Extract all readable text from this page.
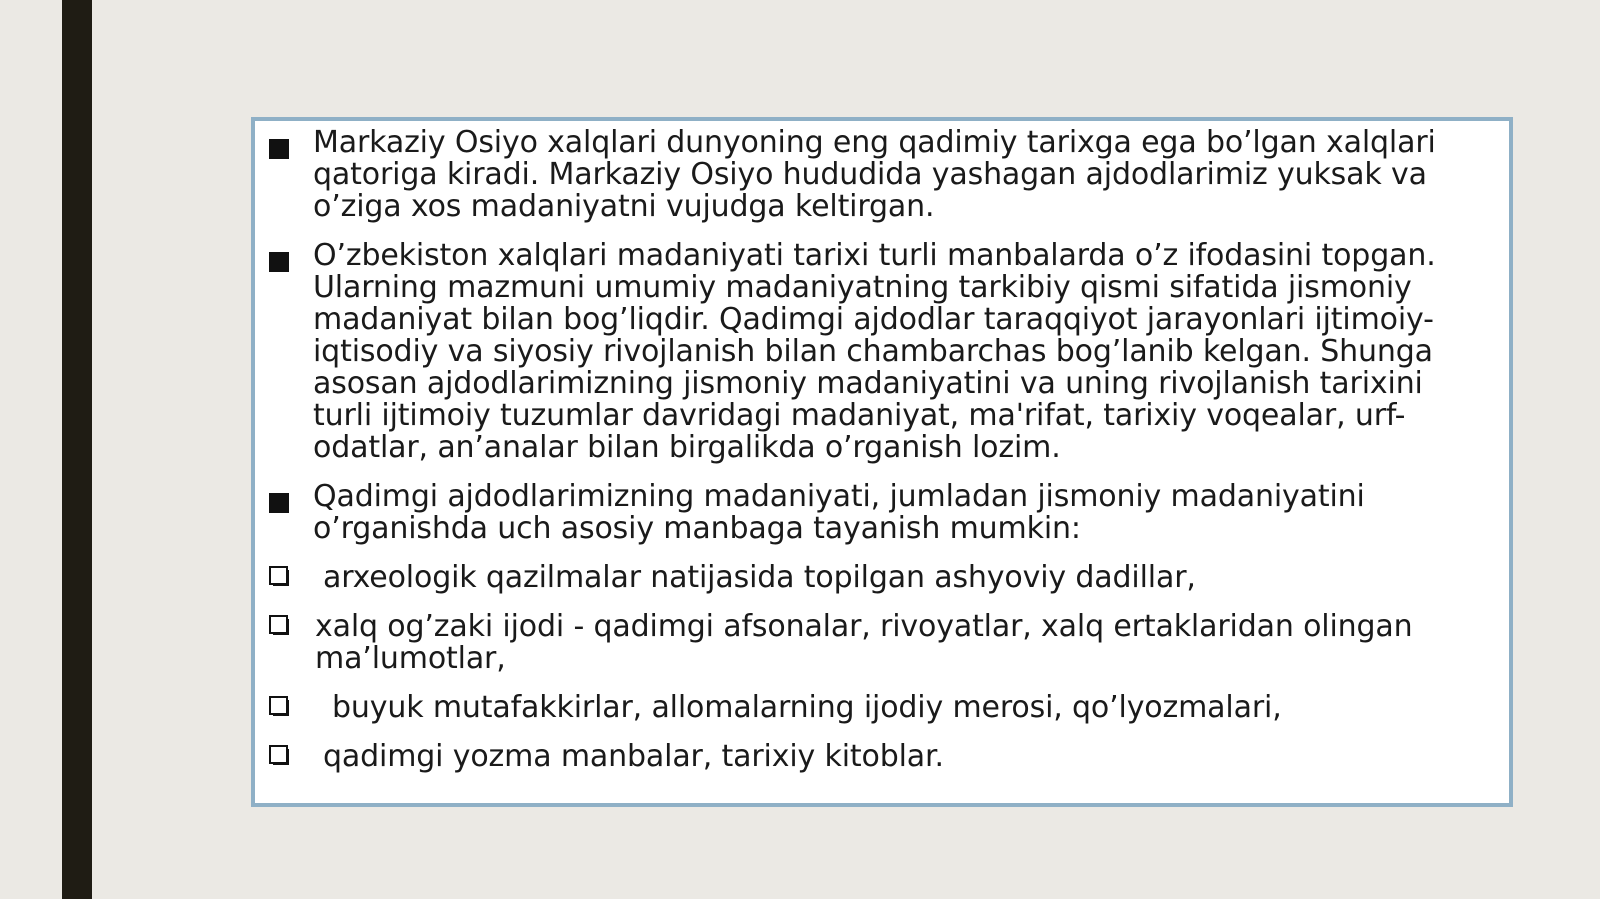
Markaziy Osiyo xalqlari dunyoning eng qadimiy tarixga ega bo’lgan xalqlari qatoriga kiradi. Markaziy Osiyo hududida yashagan ajdodlarimiz yuksak va o’ziga xos madaniyatni vujudga keltirgan.
O’zbekiston xalqlari madaniyati tarixi turli manbalarda o’z ifodasini topgan. Ularning mazmuni umumiy madaniyatning tarkibiy qismi sifatida jismoniy madaniyat bilan bog’liqdir. Qadimgi ajdodlar taraqqiyot jarayonlari ijtimoiy-iqtisodiy va siyosiy rivojlanish bilan chambarchas bog’lanib kelgan. Shunga asosan ajdodlarimizning jismoniy madaniyatini va uning rivojlanish tarixini turli ijtimoiy tuzumlar davridagi madaniyat, ma'rifat, tarixiy voqealar, urf-odatlar, an’analar bilan birgalikda o’rganish lozim.
Qadimgi ajdodlarimizning madaniyati, jumladan jismoniy madaniyatini o’rganishda uch asosiy manbaga tayanish mumkin:
arxeologik qazilmalar natijasida topilgan ashyoviy dadillar,
xalq og’zaki ijodi - qadimgi afsonalar, rivoyatlar, xalq ertaklaridan olingan ma’lumotlar,
buyuk mutafakkirlar, allomalarning ijodiy merosi, qo’lyozmalari,
qadimgi yozma manbalar, tarixiy kitoblar.
